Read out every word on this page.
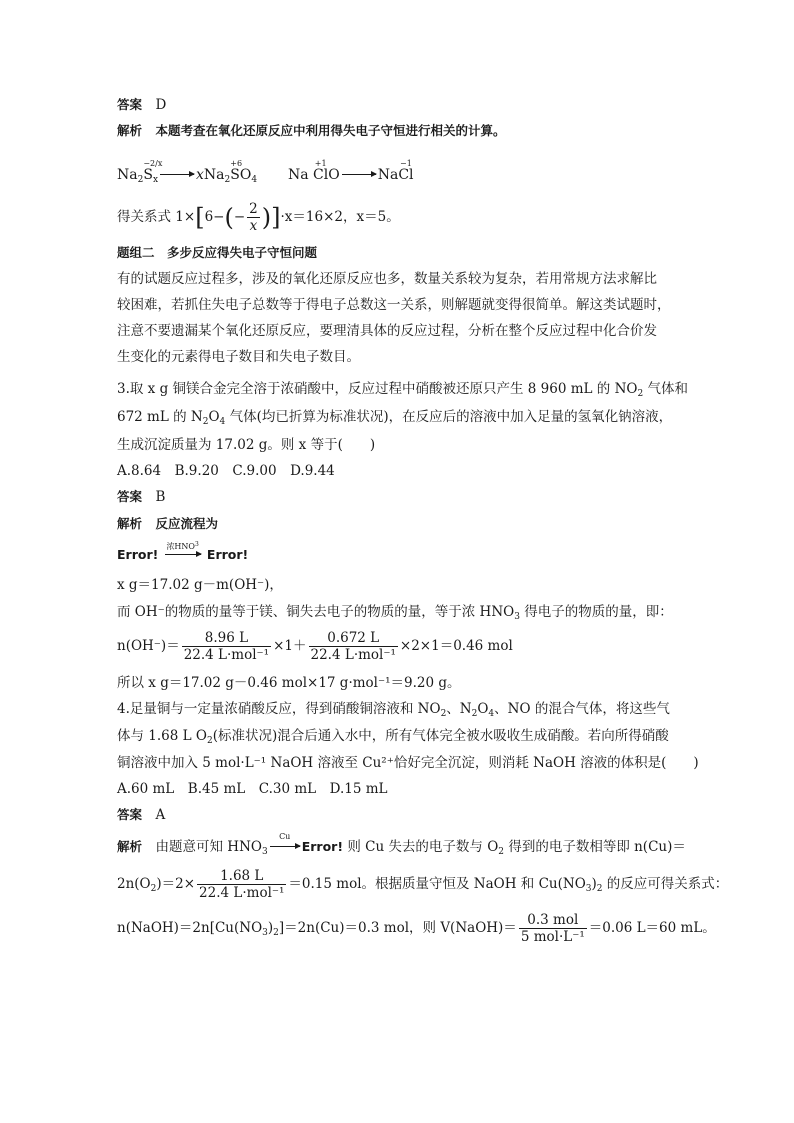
答案　 D
解析　 本题考查在氧化还原反应中利用得失电子守恒进行相关的计算。
$Na_2$
−2/x
$S_x$	xNa$_2$
+6
$SO_4$ Na
+1
ClO	Na
−1
Cl
得关系式 $1\times[6-(- \frac{2}{x} )]\cdot x=16\times 2$，x＝5。
题组二　多步反应得失电子守恒问题
有的试题反应过程多，涉及的氧化还原反应也多，数量关系较为复杂，若用常规方法求解比
较困难，若抓住失电子总数等于得电子总数这一关系，则解题就变得很简单。解这类试题时，
注意不要遗漏某个氧化还原反应，要理清具体的反应过程，分析在整个反应过程中化合价发
生变化的元素得电子数目和失电子数目。
3.取 x g 铜镁合金完全溶于浓硝酸中，反应过程中硝酸被还原只产生 8 960 mL 的 $NO_2$ 气体和
672 mL 的 $N_2O_4$ 气体(均已折算为标准状况)，在反应后的溶液中加入足量的氢氧化钠溶液，
生成沉淀质量为 17.02 g。则 x 等于(　　)
A.8.64　B.9.20　C.9.00　D.9.44
答案　 B
解析　 反应流程为
Error!
浓HNO$^3$
Error!
x g＝17.02 g－m(OH⁻)，
而 OH⁻的物质的量等于镁、铜失去电子的物质的量，等于浓 $HNO_3$ 得电子的物质的量，即：
$n(OH^-)= \frac{8.96 L}{\text{22.4 L·mol⁻¹}} \times 1+ \frac{0.672 L}{\text{22.4 L·mol⁻¹}} \times 2\times 1=0.46$ mol
所以 x g＝17.02 g－0.46 mol×17 g·mol⁻¹＝9.20 g。
4.足量铜与一定量浓硝酸反应，得到硝酸铜溶液和 $NO_2$、$N_2O_4$、NO 的混合气体，将这些气
体与 1.68 L $O_2$(标准状况)混合后通入水中，所有气体完全被水吸收生成硝酸。若向所得硝酸
铜溶液中加入 5 mol·L⁻¹ NaOH 溶液至 Cu²⁺恰好完全沉淀，则消耗 NaOH 溶液的体积是(　　)
A.60 mL　B.45 mL　C.30 mL　D.15 mL
答案　 A
解析　 由题意可知 $HNO_3$
Cu
Error! 则 Cu 失去的电子数与 $O_2$ 得到的电子数相等即 n(Cu)＝
$2n(O_2)=2\times \frac{1.68 L}{\text{22.4 L·mol⁻¹}} =0.15$ mol。根据质量守恒及 NaOH 和 $Cu(NO_3)_2$ 的反应可得关系式：
$n(NaOH)=2n[Cu(NO_3)_2]=2n(Cu)=0.3$ mol，则 V(NaOH)＝ $\frac{\text{0.3 mol}}{\text{5 mol·L⁻¹}} =0.06$ L＝60 mL。
